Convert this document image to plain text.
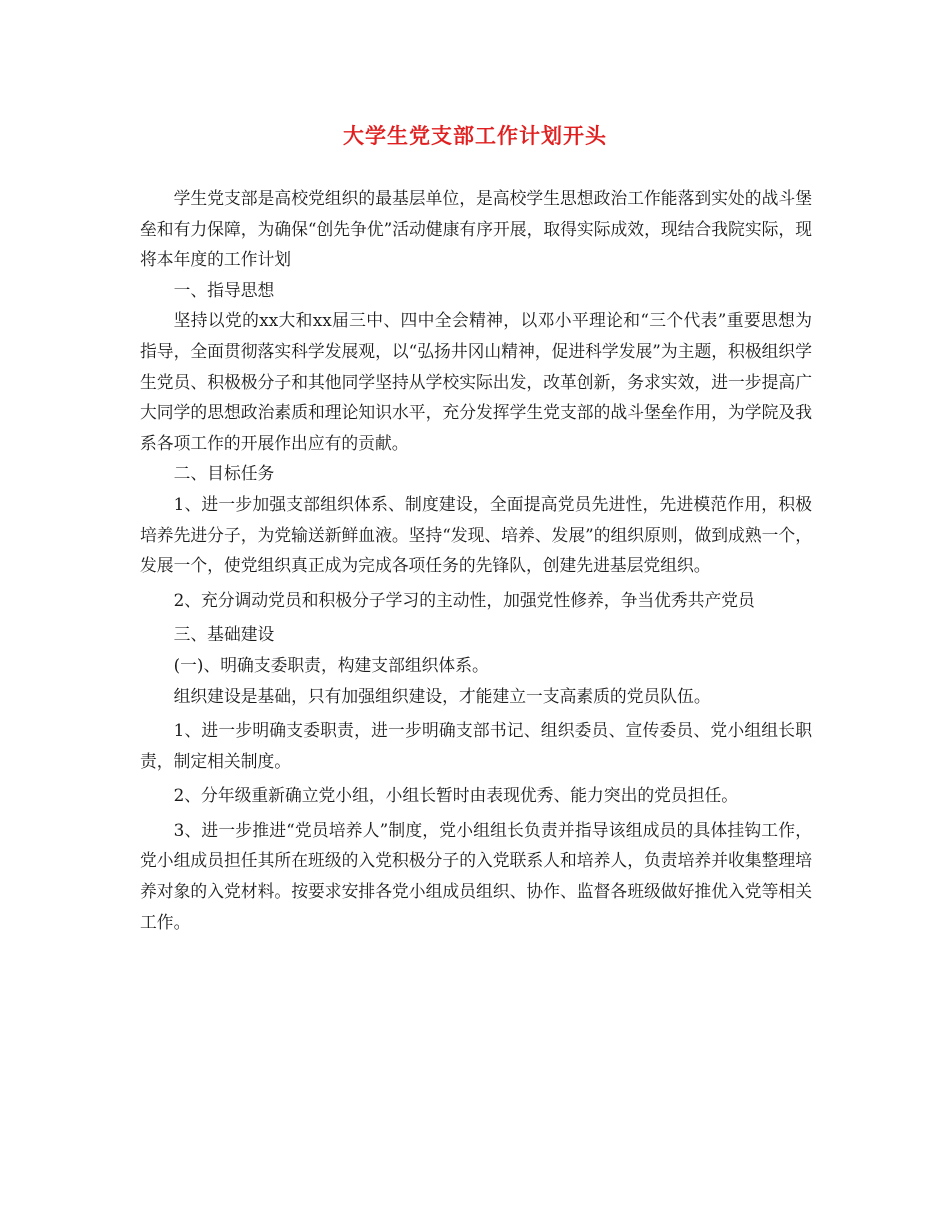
大学生党支部工作计划开头

学生党支部是高校党组织的最基层单位，是高校学生思想政治工作能落到实处的战斗堡垒和有力保障，为确保“创先争优”活动健康有序开展，取得实际成效，现结合我院实际，现将本年度的工作计划

一、指导思想

坚持以党的xx大和xx届三中、四中全会精神，以邓小平理论和“三个代表”重要思想为指导，全面贯彻落实科学发展观，以“弘扬井冈山精神，促进科学发展”为主题，积极组织学生党员、积极极分子和其他同学坚持从学校实际出发，改革创新，务求实效，进一步提高广大同学的思想政治素质和理论知识水平，充分发挥学生党支部的战斗堡垒作用，为学院及我系各项工作的开展作出应有的贡献。

二、目标任务

1、进一步加强支部组织体系、制度建设，全面提高党员先进性，先进模范作用，积极培养先进分子，为党输送新鲜血液。坚持“发现、培养、发展”的组织原则，做到成熟一个，发展一个，使党组织真正成为完成各项任务的先锋队，创建先进基层党组织。

2、充分调动党员和积极分子学习的主动性，加强党性修养，争当优秀共产党员

三、基础建设

(一)、明确支委职责，构建支部组织体系。

组织建设是基础，只有加强组织建设，才能建立一支高素质的党员队伍。

1、进一步明确支委职责，进一步明确支部书记、组织委员、宣传委员、党小组组长职责，制定相关制度。

2、分年级重新确立党小组，小组长暂时由表现优秀、能力突出的党员担任。

3、进一步推进“党员培养人”制度，党小组组长负责并指导该组成员的具体挂钩工作，党小组成员担任其所在班级的入党积极分子的入党联系人和培养人，负责培养并收集整理培养对象的入党材料。按要求安排各党小组成员组织、协作、监督各班级做好推优入党等相关工作。
